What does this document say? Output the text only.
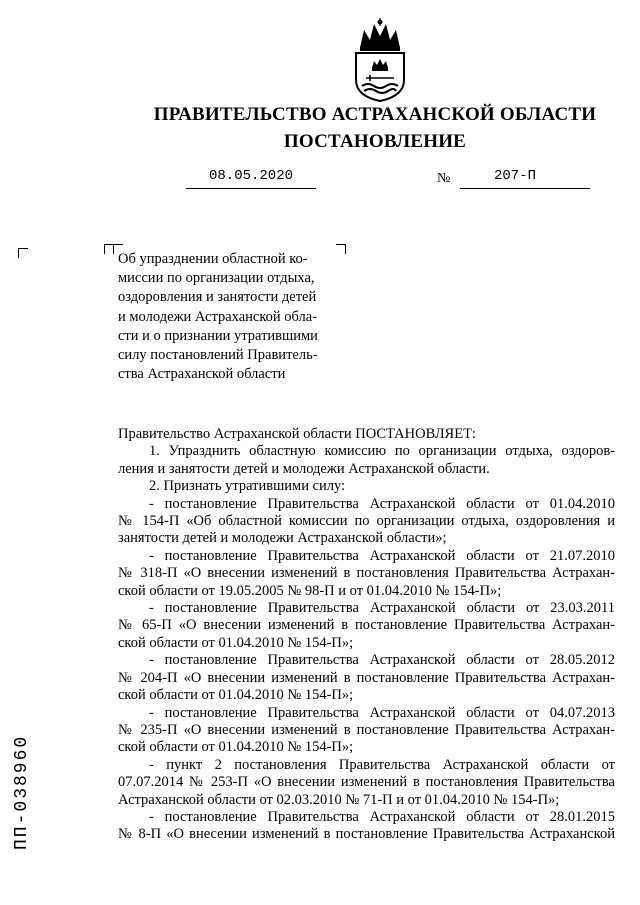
ПРАВИТЕЛЬСТВО АСТРАХАНСКОЙ ОБЛАСТИ
ПОСТАНОВЛЕНИЕ
08.05.2020	№	207-П
Об упразднении областной ко-
миссии по организации отдыха,
оздоровления и занятости детей
и молодежи Астраханской обла-
сти и о признании утратившими
силу постановлений Правитель-
ства Астраханской области
Правительство Астраханской области ПОСТАНОВЛЯЕТ:
1. Упразднить областную комиссию по организации отдыха, оздоров-
ления и занятости детей и молодежи Астраханской области.
2. Признать утратившими силу:
- постановление Правительства Астраханской области от 01.04.2010
№ 154-П «Об областной комиссии по организации отдыха, оздоровления и
занятости детей и молодежи Астраханской области»;
- постановление Правительства Астраханской области от 21.07.2010
№ 318-П «О внесении изменений в постановления Правительства Астрахан-
ской области от 19.05.2005 № 98-П и от 01.04.2010 № 154-П»;
- постановление Правительства Астраханской области от 23.03.2011
№ 65-П «О внесении изменений в постановление Правительства Астрахан-
ской области от 01.04.2010 № 154-П»;
- постановление Правительства Астраханской области от 28.05.2012
№ 204-П «О внесении изменений в постановление Правительства Астрахан-
ской области от 01.04.2010 № 154-П»;
- постановление Правительства Астраханской области от 04.07.2013
№ 235-П «О внесении изменений в постановление Правительства Астрахан-
ской области от 01.04.2010 № 154-П»;
- пункт 2 постановления Правительства Астраханской области от
07.07.2014 № 253-П «О внесении изменений в постановления Правительства
Астраханской области от 02.03.2010 № 71-П и от 01.04.2010 № 154-П»;
- постановление Правительства Астраханской области от 28.01.2015
№ 8-П «О внесении изменений в постановление Правительства Астраханской
ПП-038960
